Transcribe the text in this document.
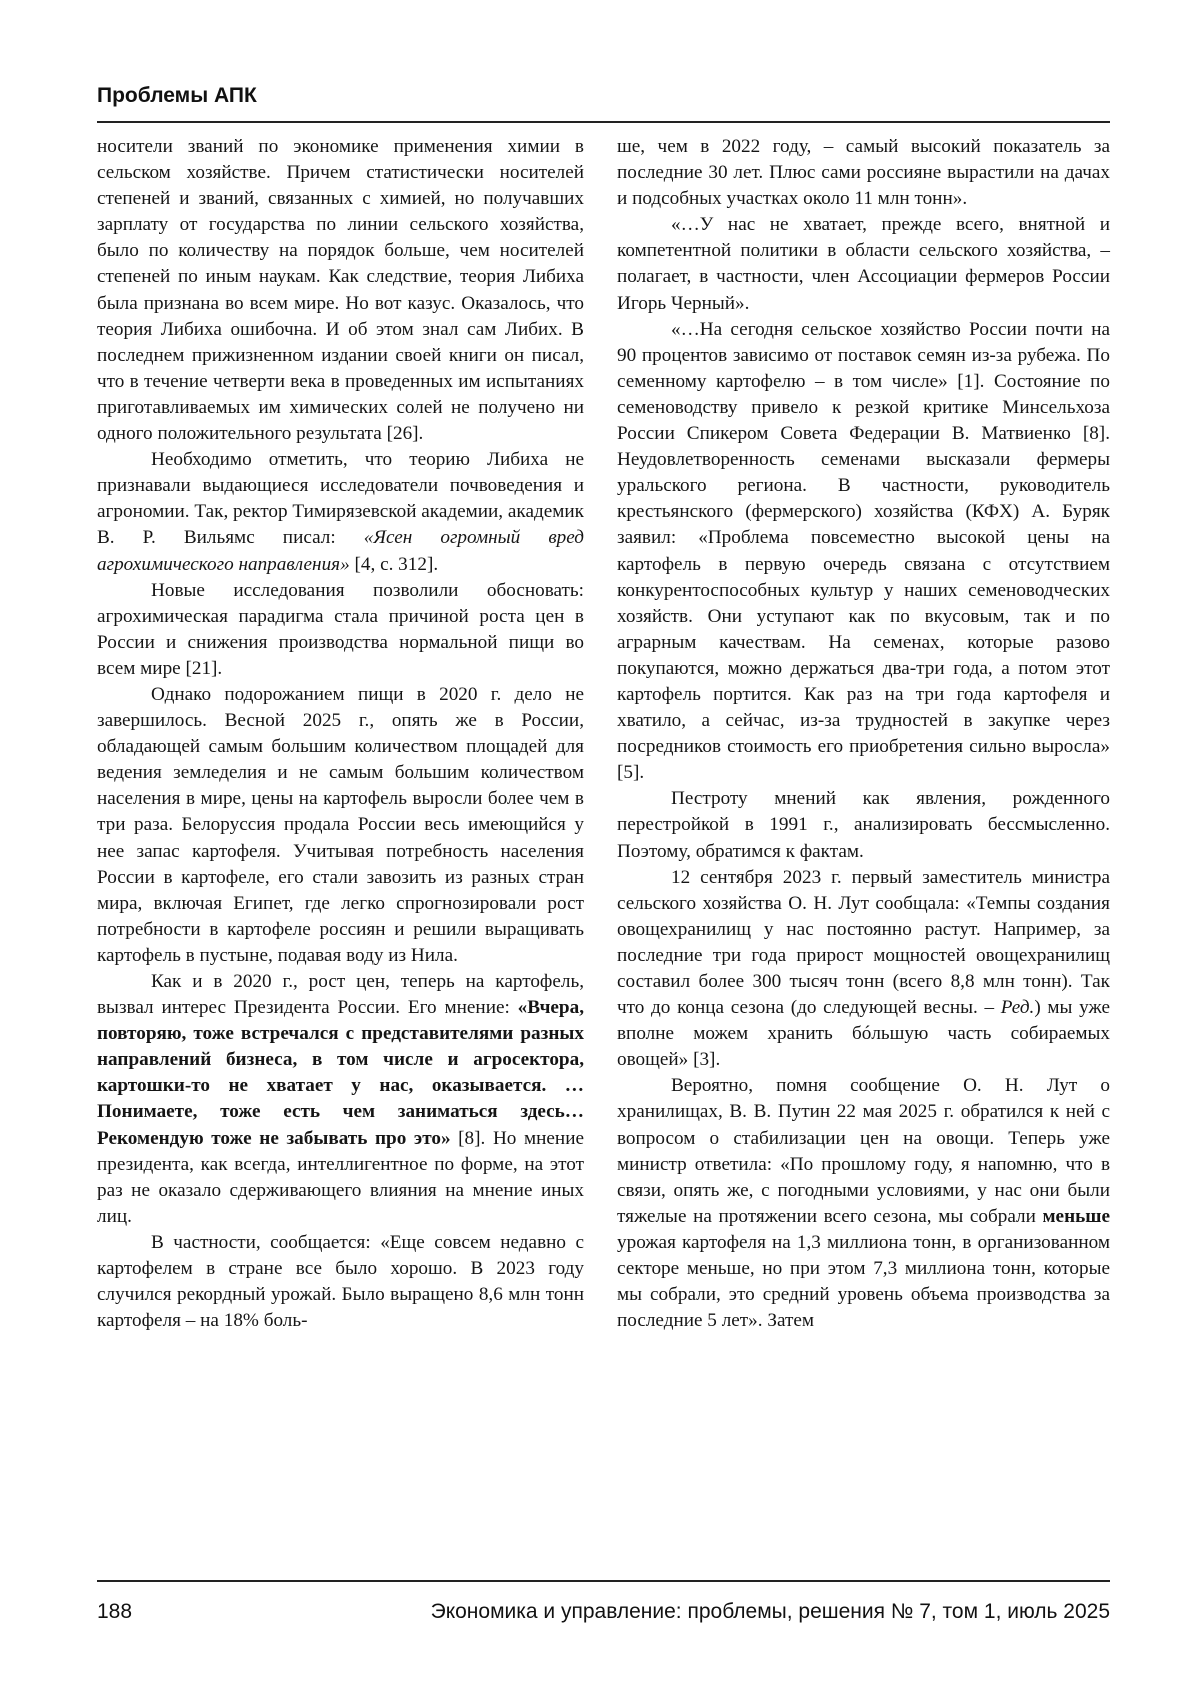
Проблемы АПК

носители званий по экономике применения химии в сельском хозяйстве. Причем статистически носителей степеней и званий, связанных с химией, но получавших зарплату от государства по линии сельского хозяйства, было по количеству на порядок больше, чем носителей степеней по иным наукам. Как следствие, теория Либиха была признана во всем мире. Но вот казус. Оказалось, что теория Либиха ошибочна. И об этом знал сам Либих. В последнем прижизненном издании своей книги он писал, что в течение четверти века в проведенных им испытаниях приготавливаемых им химических солей не получено ни одного положительного результата [26].

Необходимо отметить, что теорию Либиха не признавали выдающиеся исследователи почвоведения и агрономии. Так, ректор Тимирязевской академии, академик В. Р. Вильямс писал: «Ясен огромный вред агрохимического направления» [4, с. 312].

Новые исследования позволили обосновать: агрохимическая парадигма стала причиной роста цен в России и снижения производства нормальной пищи во всем мире [21].

Однако подорожанием пищи в 2020 г. дело не завершилось. Весной 2025 г., опять же в России, обладающей самым большим количеством площадей для ведения земледелия и не самым большим количеством населения в мире, цены на картофель выросли более чем в три раза. Белоруссия продала России весь имеющийся у нее запас картофеля. Учитывая потребность населения России в картофеле, его стали завозить из разных стран мира, включая Египет, где легко спрогнозировали рост потребности в картофеле россиян и решили выращивать картофель в пустыне, подавая воду из Нила.

Как и в 2020 г., рост цен, теперь на картофель, вызвал интерес Президента России. Его мнение: «Вчера, повторяю, тоже встречался с представителями разных направлений бизнеса, в том числе и агросектора, картошки-то не хватает у нас, оказывается. … Понимаете, тоже есть чем заниматься здесь… Рекомендую тоже не забывать про это» [8]. Но мнение президента, как всегда, интеллигентное по форме, на этот раз не оказало сдерживающего влияния на мнение иных лиц.

В частности, сообщается: «Еще совсем недавно с картофелем в стране все было хорошо. В 2023 году случился рекордный урожай. Было выращено 8,6 млн тонн картофеля – на 18% боль-

ше, чем в 2022 году, – самый высокий показатель за последние 30 лет. Плюс сами россияне вырастили на дачах и подсобных участках около 11 млн тонн».

«…У нас не хватает, прежде всего, внятной и компетентной политики в области сельского хозяйства, – полагает, в частности, член Ассоциации фермеров России Игорь Черный».

«…На сегодня сельское хозяйство России почти на 90 процентов зависимо от поставок семян из-за рубежа. По семенному картофелю – в том числе» [1]. Состояние по семеноводству привело к резкой критике Минсельхоза России Спикером Совета Федерации В. Матвиенко [8]. Неудовлетворенность семенами высказали фермеры уральского региона. В частности, руководитель крестьянского (фермерского) хозяйства (КФХ) А. Буряк заявил: «Проблема повсеместно высокой цены на картофель в первую очередь связана с отсутствием конкурентоспособных культур у наших семеноводческих хозяйств. Они уступают как по вкусовым, так и по аграрным качествам. На семенах, которые разово покупаются, можно держаться два-три года, а потом этот картофель портится. Как раз на три года картофеля и хватило, а сейчас, из-за трудностей в закупке через посредников стоимость его приобретения сильно выросла» [5].

Пестроту мнений как явления, рожденного перестройкой в 1991 г., анализировать бессмысленно. Поэтому, обратимся к фактам.

12 сентября 2023 г. первый заместитель министра сельского хозяйства О. Н. Лут сообщала: «Темпы создания овощехранилищ у нас постоянно растут. Например, за последние три года прирост мощностей овощехранилищ составил более 300 тысяч тонн (всего 8,8 млн тонн). Так что до конца сезона (до следующей весны. – Ред.) мы уже вполне можем хранить бóльшую часть собираемых овощей» [3].

Вероятно, помня сообщение О. Н. Лут о хранилищах, В. В. Путин 22 мая 2025 г. обратился к ней с вопросом о стабилизации цен на овощи. Теперь уже министр ответила: «По прошлому году, я напомню, что в связи, опять же, с погодными условиями, у нас они были тяжелые на протяжении всего сезона, мы собрали меньше урожая картофеля на 1,3 миллиона тонн, в организованном секторе меньше, но при этом 7,3 миллиона тонн, которые мы собрали, это средний уровень объема производства за последние 5 лет». Затем

188	Экономика и управление: проблемы, решения № 7, том 1, июль 2025
